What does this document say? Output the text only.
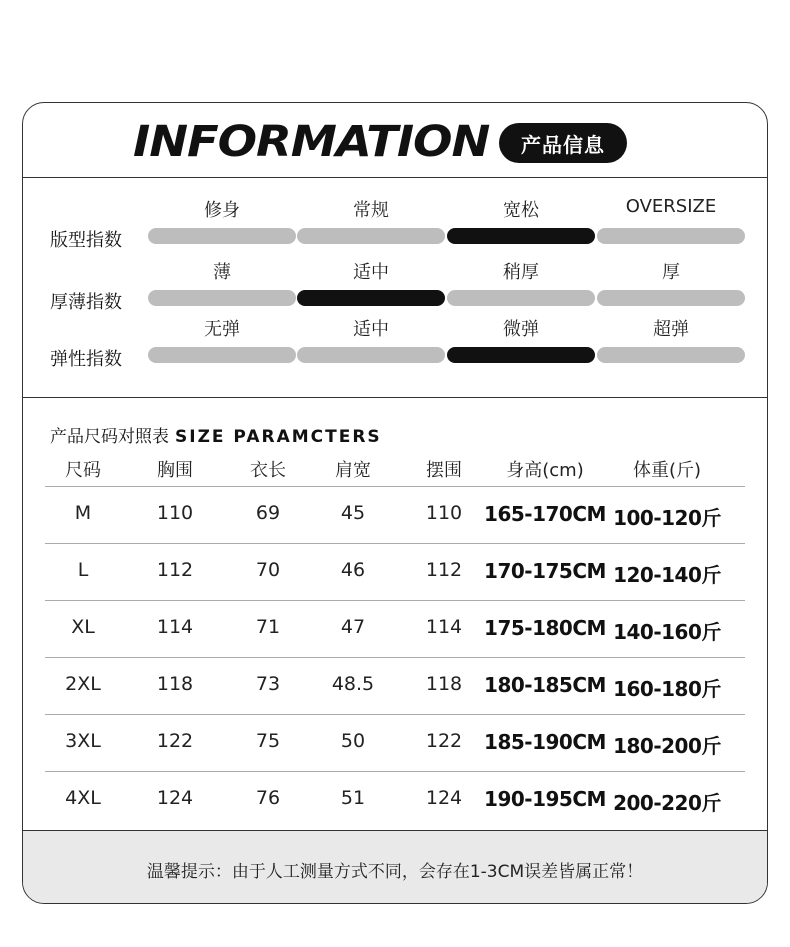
INFORMATION	产品信息
版型指数
修身	常规	宽松	OVERSIZE
厚薄指数
薄	适中	稍厚	厚
弹性指数
无弹	适中	微弹	超弹
产品尺码对照表 SIZE PARAMCTERS
尺码	胸围	衣长	肩宽	摆围	身高(cm)	体重(斤)
M	110	69	45	110	165-170CM 100-120斤
L	112	70	46	112	170-175CM 120-140斤
XL	114	71	47	114	175-180CM 140-160斤
2XL	118	73	48.5	118	180-185CM 160-180斤
3XL	122	75	50	122	185-190CM 180-200斤
4XL	124	76	51	124	190-195CM 200-220斤
温馨提示：由于人工测量方式不同，会存在1-3CM误差皆属正常！
